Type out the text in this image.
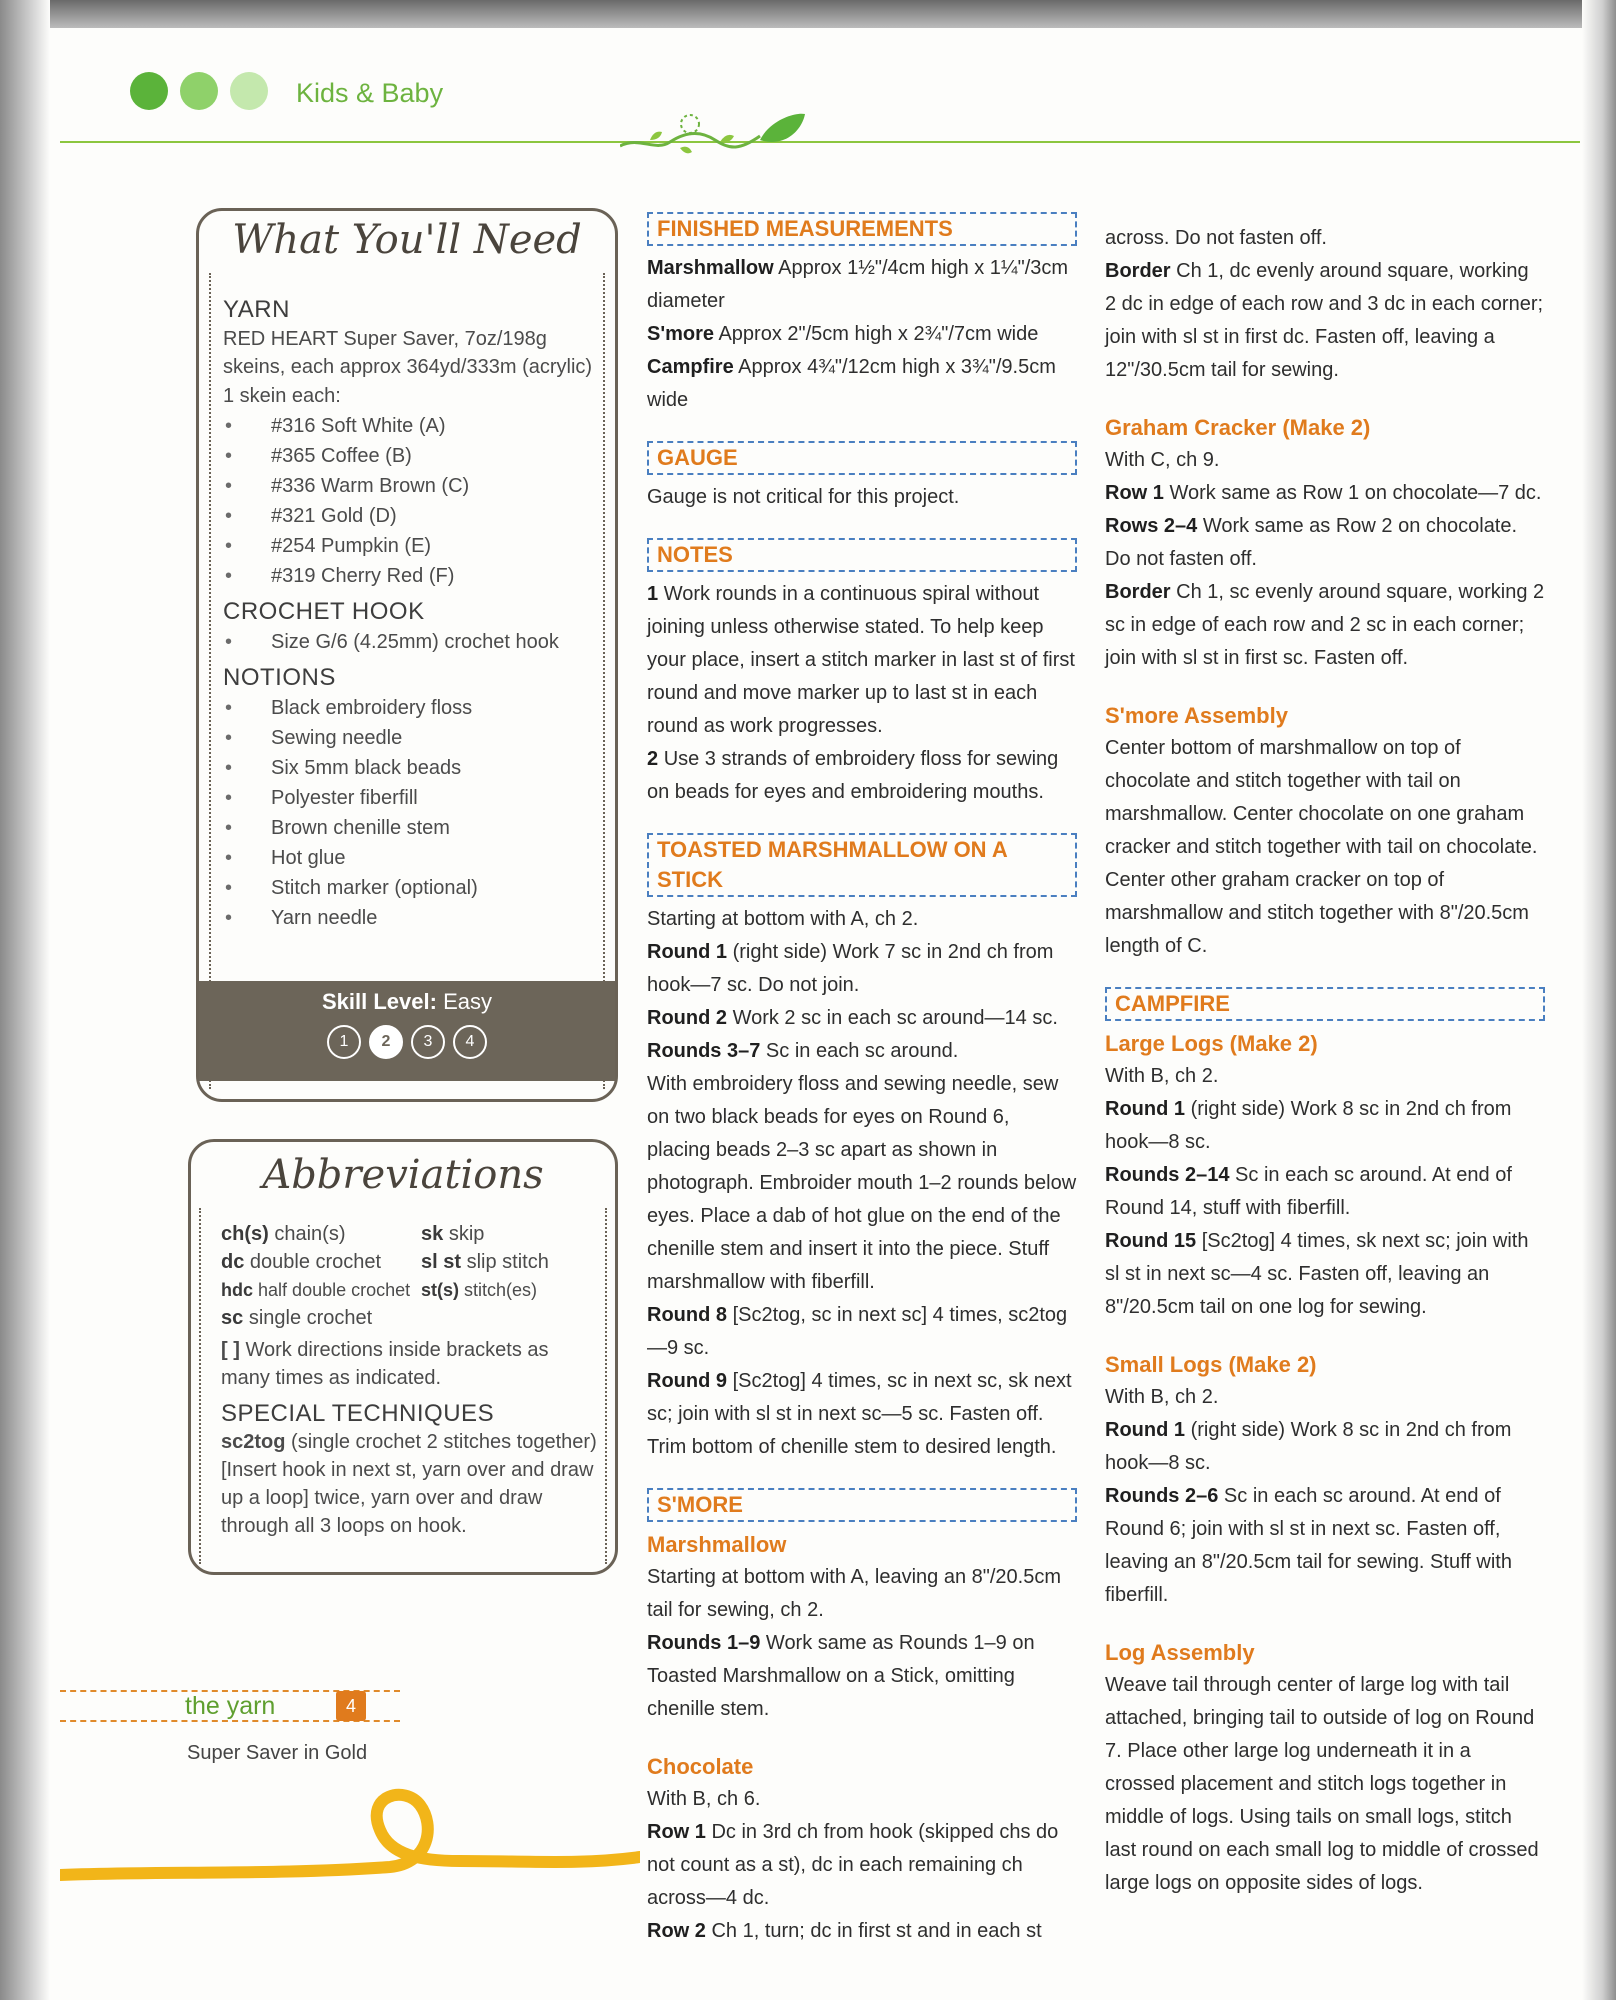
Kids & Baby
What You'll Need
YARN
RED HEART Super Saver, 7oz/198g skeins, each approx 364yd/333m (acrylic)
1 skein each:
• #316 Soft White (A)
• #365 Coffee (B)
• #336 Warm Brown (C)
• #321 Gold (D)
• #254 Pumpkin (E)
• #319 Cherry Red (F)
CROCHET HOOK
• Size G/6 (4.25mm) crochet hook
NOTIONS
• Black embroidery floss
• Sewing needle
• Six 5mm black beads
• Polyester fiberfill
• Brown chenille stem
• Hot glue
• Stitch marker (optional)
• Yarn needle
Skill Level: Easy
1	2	3	4
Abbreviations
ch(s) chain(s)	sk skip
dc double crochet	sl st slip stitch
hdc half double crochet st(s) stitch(es)
sc single crochet
[ ] Work directions inside brackets as many times as indicated.
SPECIAL TECHNIQUES
sc2tog (single crochet 2 stitches together) [Insert hook in next st, yarn over and draw up a loop] twice, yarn over and draw through all 3 loops on hook.
the yarn	4
Super Saver in Gold
FINISHED MEASUREMENTS

Marshmallow Approx 1½"/4cm high x 1¼"/3cm diameter

S'more Approx 2"/5cm high x 2¾"/7cm wide

Campfire Approx 4¾"/12cm high x 3¾"/9.5cm wide

GAUGE

Gauge is not critical for this project.

NOTES

1 Work rounds in a continuous spiral without joining unless otherwise stated. To help keep your place, insert a stitch marker in last st of first round and move marker up to last st in each round as work progresses.

2 Use 3 strands of embroidery floss for sewing on beads for eyes and embroidering mouths.

TOASTED MARSHMALLOW ON A STICK

Starting at bottom with A, ch 2.

Round 1 (right side) Work 7 sc in 2nd ch from hook—7 sc. Do not join.

Round 2 Work 2 sc in each sc around—14 sc.

Rounds 3–7 Sc in each sc around.

With embroidery floss and sewing needle, sew on two black beads for eyes on Round 6, placing beads 2–3 sc apart as shown in photograph. Embroider mouth 1–2 rounds below eyes. Place a dab of hot glue on the end of the chenille stem and insert it into the piece. Stuff marshmallow with fiberfill.

Round 8 [Sc2tog, sc in next sc] 4 times, sc2tog—9 sc.

Round 9 [Sc2tog] 4 times, sc in next sc, sk next sc; join with sl st in next sc—5 sc. Fasten off. Trim bottom of chenille stem to desired length.

S'MORE
Marshmallow

Starting at bottom with A, leaving an 8"/20.5cm tail for sewing, ch 2.

Rounds 1–9 Work same as Rounds 1–9 on Toasted Marshmallow on a Stick, omitting chenille stem.

Chocolate

With B, ch 6.

Row 1 Dc in 3rd ch from hook (skipped chs do not count as a st), dc in each remaining ch across—4 dc.

Row 2 Ch 1, turn; dc in first st and in each st

across. Do not fasten off.

Border Ch 1, dc evenly around square, working 2 dc in edge of each row and 3 dc in each corner; join with sl st in first dc. Fasten off, leaving a 12"/30.5cm tail for sewing.

Graham Cracker (Make 2)

With C, ch 9.

Row 1 Work same as Row 1 on chocolate—7 dc.

Rows 2–4 Work same as Row 2 on chocolate. Do not fasten off.

Border Ch 1, sc evenly around square, working 2 sc in edge of each row and 2 sc in each corner; join with sl st in first sc. Fasten off.

S'more Assembly

Center bottom of marshmallow on top of chocolate and stitch together with tail on marshmallow. Center chocolate on one graham cracker and stitch together with tail on chocolate. Center other graham cracker on top of marshmallow and stitch together with 8"/20.5cm length of C.

CAMPFIRE
Large Logs (Make 2)

With B, ch 2.

Round 1 (right side) Work 8 sc in 2nd ch from hook—8 sc.

Rounds 2–14 Sc in each sc around. At end of Round 14, stuff with fiberfill.

Round 15 [Sc2tog] 4 times, sk next sc; join with sl st in next sc—4 sc. Fasten off, leaving an 8"/20.5cm tail on one log for sewing.

Small Logs (Make 2)

With B, ch 2.

Round 1 (right side) Work 8 sc in 2nd ch from hook—8 sc.

Rounds 2–6 Sc in each sc around. At end of Round 6; join with sl st in next sc. Fasten off, leaving an 8"/20.5cm tail for sewing. Stuff with fiberfill.

Log Assembly

Weave tail through center of large log with tail attached, bringing tail to outside of log on Round 7. Place other large log underneath it in a crossed placement and stitch logs together in middle of logs. Using tails on small logs, stitch last round on each small log to middle of crossed large logs on opposite sides of logs.
